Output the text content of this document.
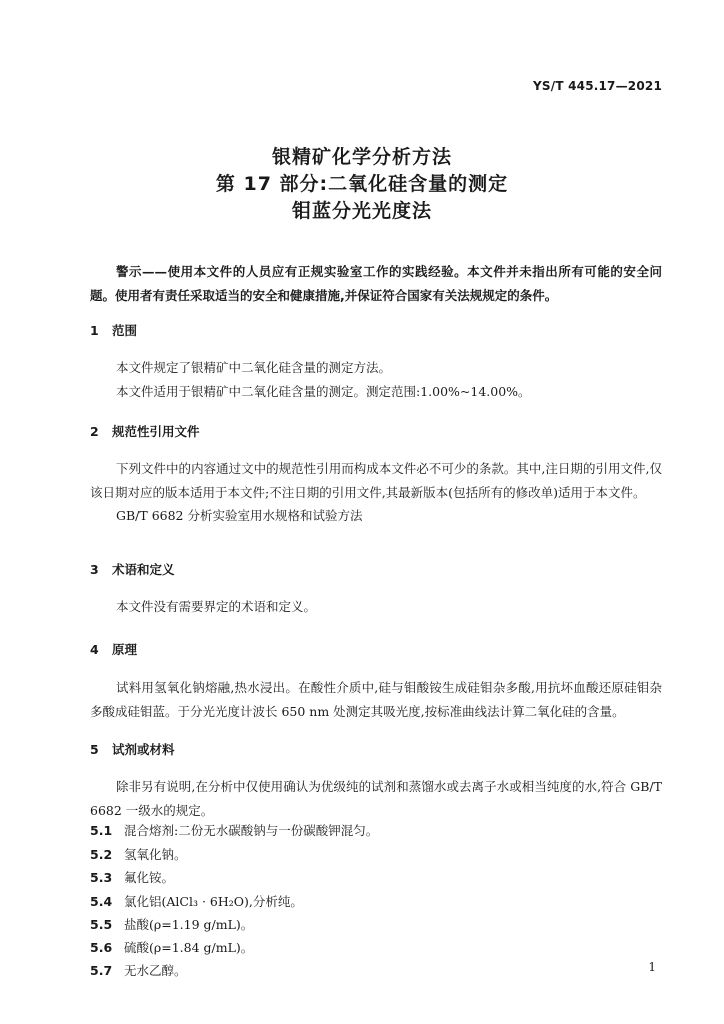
YS/T 445.17—2021
银精矿化学分析方法
第 17 部分:二氧化硅含量的测定
钼蓝分光光度法
警示——使用本文件的人员应有正规实验室工作的实践经验。本文件并未指出所有可能的安全问题。使用者有责任采取适当的安全和健康措施,并保证符合国家有关法规规定的条件。
1 范围
本文件规定了银精矿中二氧化硅含量的测定方法。
本文件适用于银精矿中二氧化硅含量的测定。测定范围:1.00%~14.00%。
2 规范性引用文件
下列文件中的内容通过文中的规范性引用而构成本文件必不可少的条款。其中,注日期的引用文件,仅该日期对应的版本适用于本文件;不注日期的引用文件,其最新版本(包括所有的修改单)适用于本文件。
GB/T 6682 分析实验室用水规格和试验方法
3 术语和定义
本文件没有需要界定的术语和定义。
4 原理
试料用氢氧化钠熔融,热水浸出。在酸性介质中,硅与钼酸铵生成硅钼杂多酸,用抗坏血酸还原硅钼杂多酸成硅钼蓝。于分光光度计波长 650 nm 处测定其吸光度,按标准曲线法计算二氧化硅的含量。
5 试剂或材料
除非另有说明,在分析中仅使用确认为优级纯的试剂和蒸馏水或去离子水或相当纯度的水,符合 GB/T 6682 一级水的规定。
5.1 混合熔剂:二份无水碳酸钠与一份碳酸钾混匀。
5.2 氢氧化钠。
5.3 氟化铵。
5.4 氯化铝(AlCl₃ · 6H₂O),分析纯。
5.5 盐酸(ρ=1.19 g/mL)。
5.6 硫酸(ρ=1.84 g/mL)。
5.7 无水乙醇。	1
